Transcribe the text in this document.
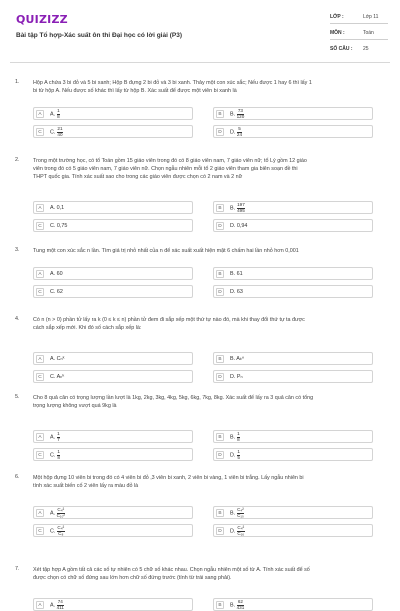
QUIZIZZ
Bài tập Tổ hợp-Xác suất ôn thi Đại học có lời giải (P3)
LỚP :	Lớp 11
MÔN :	Toán
SỐ CÂU : 25
1.	Hộp A chứa 3 bi đỏ và 5 bi xanh; Hộp B đựng 2 bi đỏ và 3 bi xanh. Thảy một con xúc sắc; Nếu được 1 hay 6 thì lấy 1
bi từ hộp A. Nếu được số khác thì lấy từ hộp B. Xác suất để được một viên bi xanh là
A	A. $\frac{1}{8}$	B	B. $\frac{73}{120}$
C	C. $\frac{21}{40}$	D	D. $\frac{5}{24}$
2.	Trong một trường học, có tổ Toán gồm 15 giáo viên trong đó có 8 giáo viên nam, 7 giáo viên nữ; tổ Lý gồm 12 giáo
viên trong đó có 5 giáo viên nam, 7 giáo viên nữ. Chọn ngẫu nhiên mỗi tổ 2 giáo viên tham gia biên soạn đề thi
THPT quốc gia. Tính xác suất sao cho trong các giáo viên được chọn có 2 nam và 2 nữ
A	A. 0,1	B	B. $\frac{197}{495}$
C	C. 0,75	D	D. 0,94
3.	Tung một con xúc sắc n lần. Tìm giá trị nhỏ nhất của n để xác suất xuất hiện mặt 6 chấm hai lần nhỏ hơn 0,001
A	A. 60	B	B. 61
C	C. 62	D	D. 63
4.	Có n (n > 0) phần tử lấy ra k (0 ≤ k ≤ n) phần tử đem đi sắp xếp một thứ tự nào đó, mà khi thay đổi thứ tự ta được
cách sắp xếp mới. Khi đó số cách sắp xếp là:
A	A. Cₙᵏ	B	B. Aₖⁿ
C	C. Aₙᵏ	D	D. Pₙ
5.	Cho 8 quả cân có trọng lượng lần lượt là 1kg, 2kg, 3kg, 4kg, 5kg, 6kg, 7kg, 8kg. Xác suất để lấy ra 3 quả cân có tổng
trọng lượng không vượt quá 9kg là
A	A. $\frac{1}{7}$	B	B. $\frac{1}{8}$
C	C. $\frac{1}{8}$	D	D. $\frac{1}{5}$
6.	Một hộp đựng 10 viên bi trong đó có 4 viên bi đỏ ,3 viên bi xanh, 2 viên bi vàng, 1 viên bi trắng. Lấy ngẫu nhiên bi
tính xác suất biến cố 2 viên lấy ra màu đỏ là
A	A. $\frac{\text{C₄²}}{\text{C₁₀²}}$	B	B. $\frac{\text{C₄²}}{\text{C₁₀}}$
C	C. $\frac{\text{C₄²}}{\text{C₈}}$	D	D. $\frac{\text{C₄²}}{\text{C₁₆}}$
7.	Xét tập hợp A gồm tất cả các số tự nhiên có 5 chữ số khác nhau. Chọn ngẫu nhiên một số từ A. Tính xác suất để số
được chọn có chữ số đứng sau lớn hơn chữ số đứng trước (tính từ trái sang phải).
A	A. $\frac{74}{411}$	B	B. $\frac{62}{431}$
